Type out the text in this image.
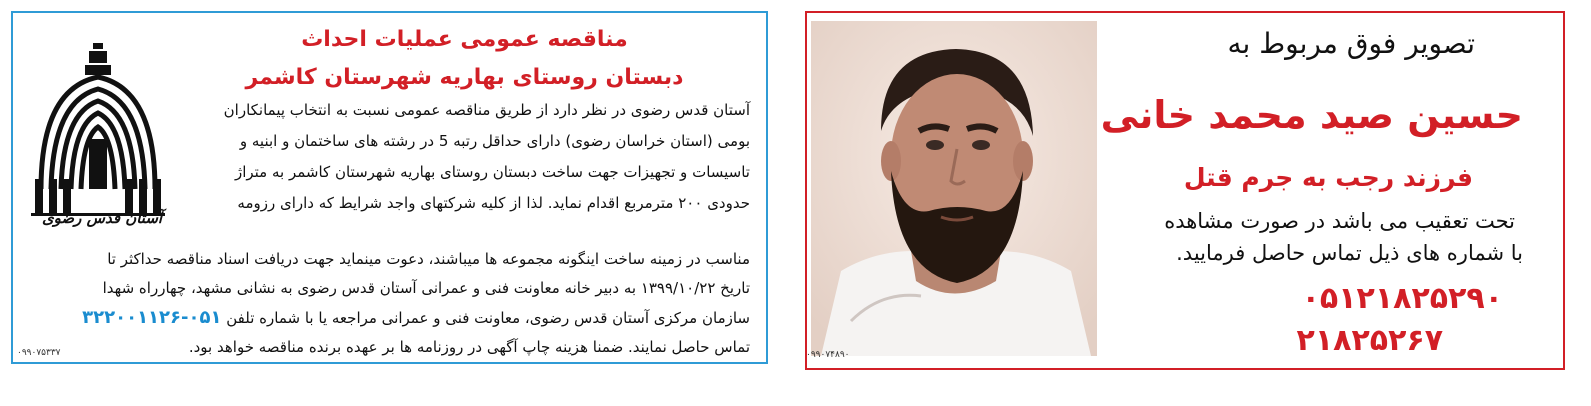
آستان قدس رضوی
مناقصه عمومی عملیات احداث
دبستان روستای بهاریه شهرستان کاشمر
آستان قدس رضوی در نظر دارد از طریق مناقصه عمومی نسبت به انتخاب پیمانکاران
بومی (استان خراسان رضوی) دارای حداقل رتبه 5 در رشته های ساختمان و ابنیه و
تاسیسات و تجهیزات جهت ساخت دبستان روستای بهاریه شهرستان کاشمر به متراژ
حدودی ۲۰۰ مترمربع اقدام نماید. لذا از کلیه شرکتهای واجد شرایط که دارای رزومه
مناسب در زمینه ساخت اینگونه مجموعه ها میباشند، دعوت مینماید جهت دریافت اسناد مناقصه حداکثر تا
تاریخ ۱۳۹۹/۱۰/۲۲ به دبیر خانه معاونت فنی و عمرانی آستان قدس رضوی به نشانی مشهد، چهارراه شهدا
سازمان مرکزی آستان قدس رضوی، معاونت فنی و عمرانی مراجعه یا با شماره تلفن ۰۵۱-۳۲۲۰۰۱۱۲۶
تماس حاصل نمایند. ضمنا هزینه چاپ آگهی در روزنامه ها بر عهده برنده مناقصه خواهد بود.
۰۹۹۰۷۵۳۳۷
تصویر فوق مربوط به
حسین صید محمد خانی
فرزند رجب به جرم قتل
تحت تعقیب می باشد در صورت مشاهده
با شماره های ذیل تماس حاصل فرمایید.
۰۵۱۲۱۸۲۵۲۹۰
۲۱۸۲۵۲۶۷
۰۹۹۰۷۴۸۹۰
